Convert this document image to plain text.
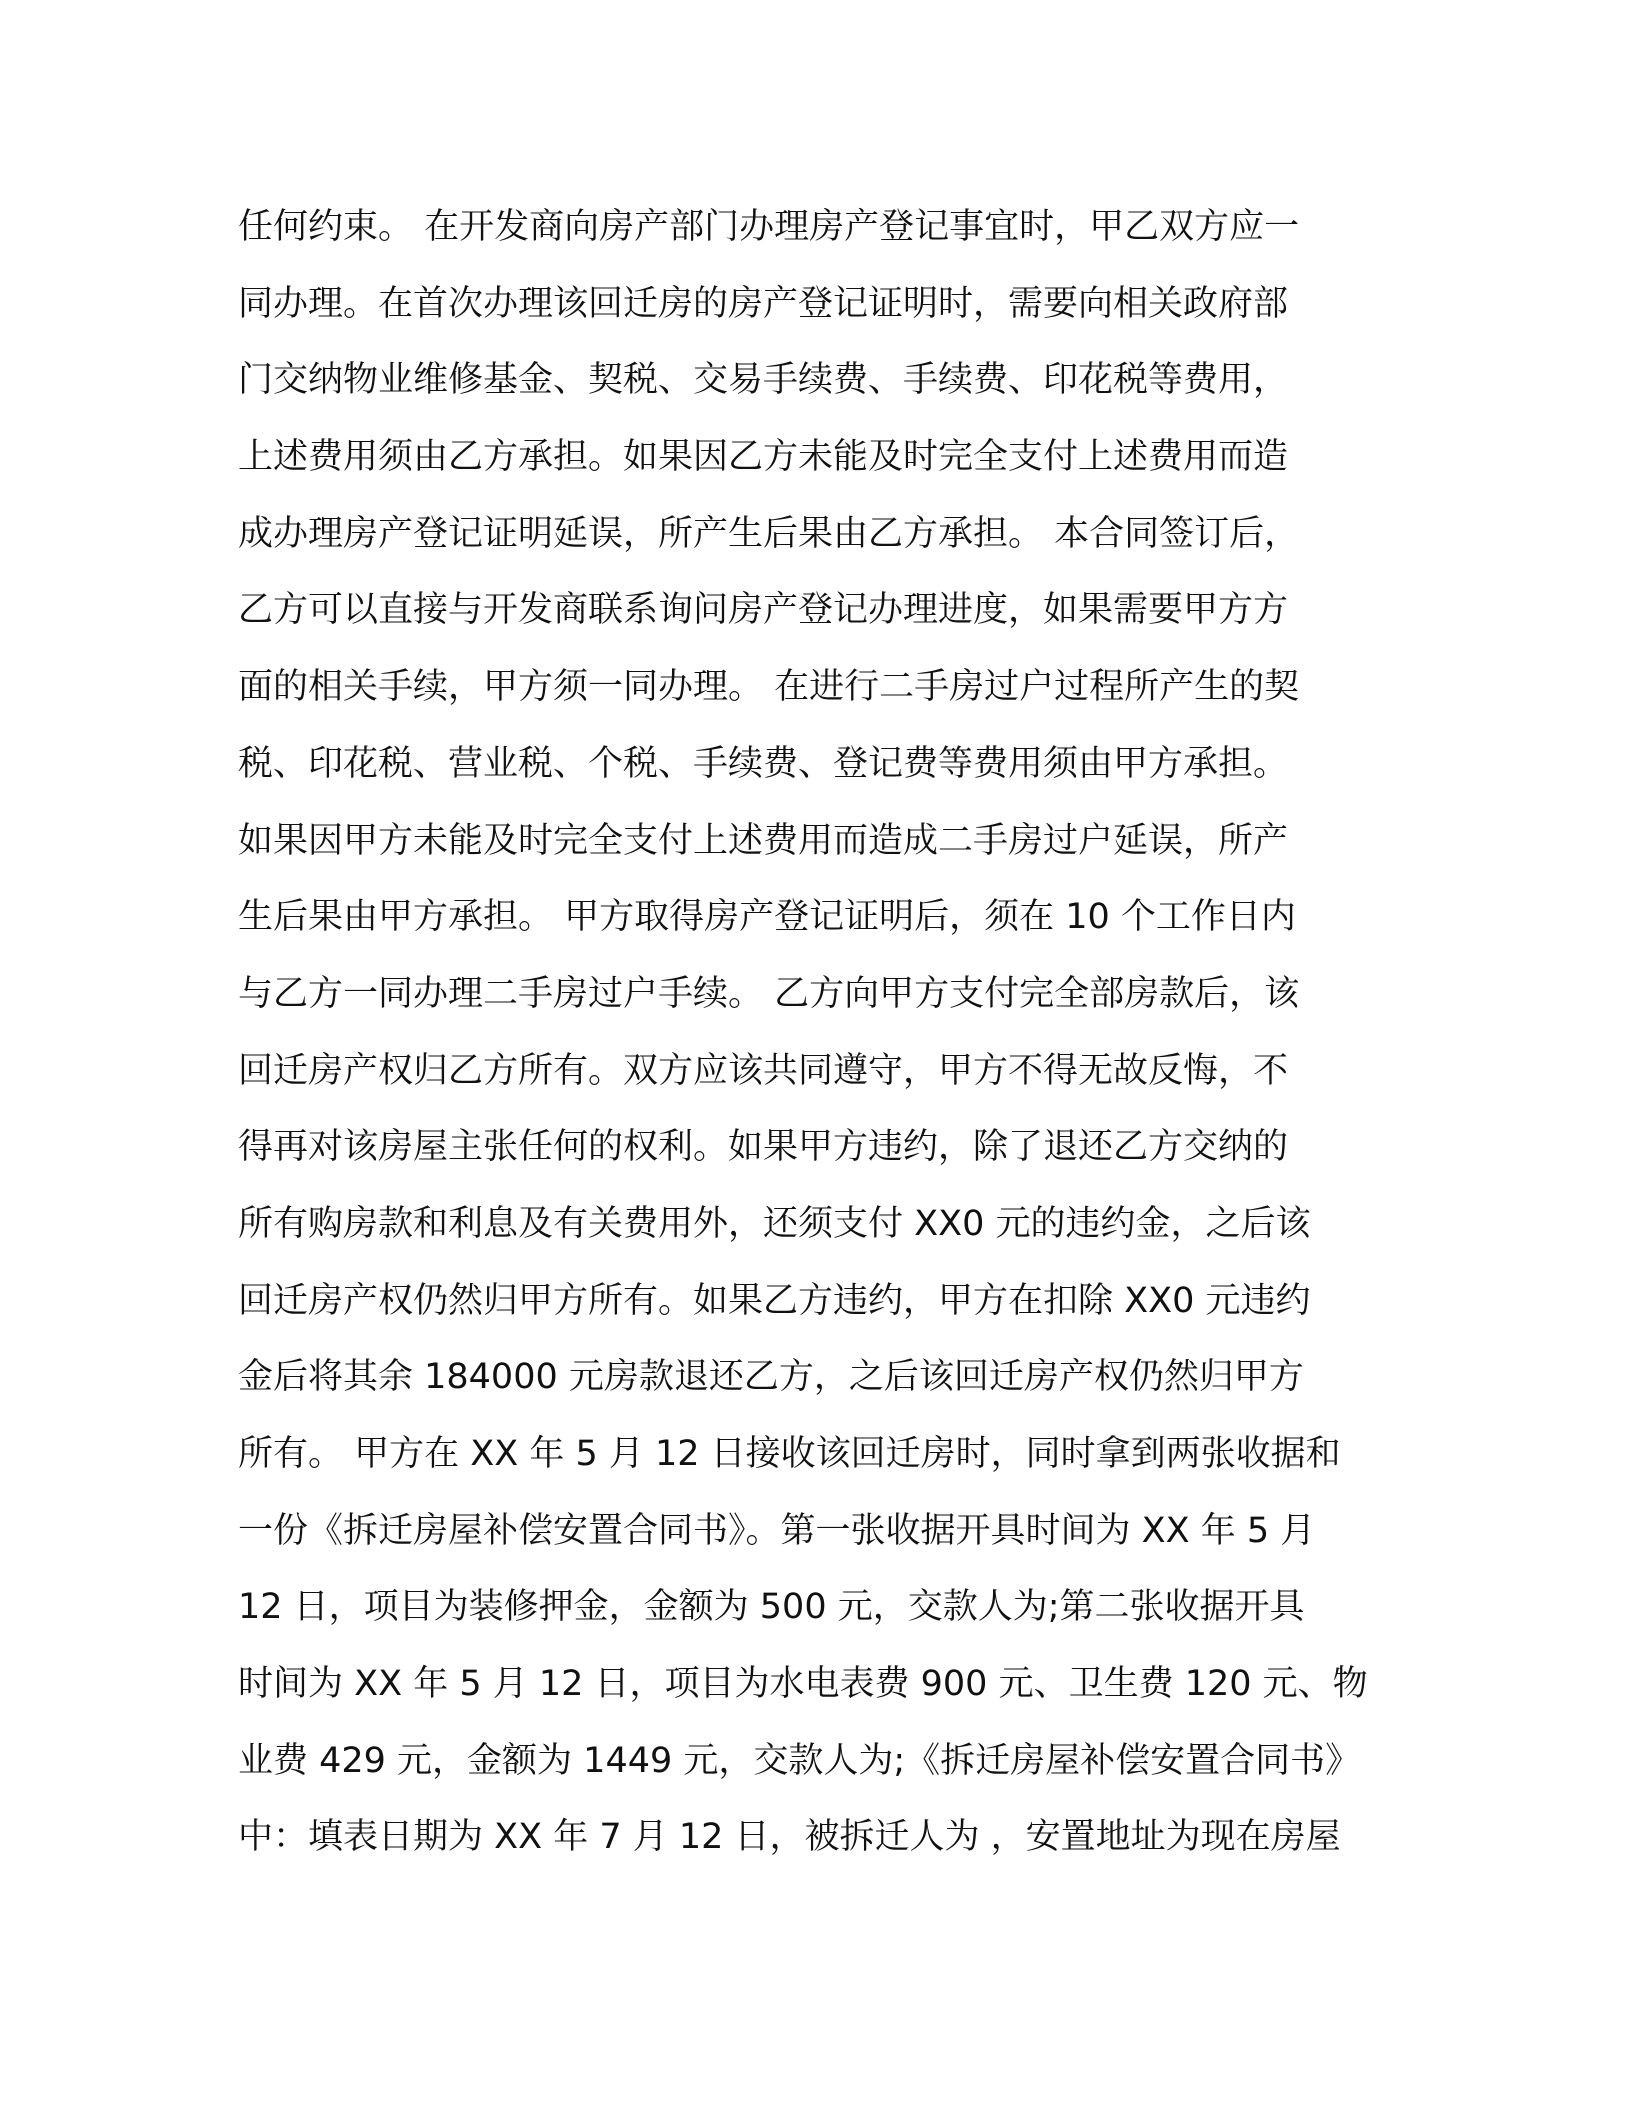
任何约束。 在开发商向房产部门办理房产登记事宜时，甲乙双方应一
同办理。在首次办理该回迁房的房产登记证明时，需要向相关政府部
门交纳物业维修基金、契税、交易手续费、手续费、印花税等费用，
上述费用须由乙方承担。如果因乙方未能及时完全支付上述费用而造
成办理房产登记证明延误，所产生后果由乙方承担。 本合同签订后，
乙方可以直接与开发商联系询问房产登记办理进度，如果需要甲方方
面的相关手续，甲方须一同办理。 在进行二手房过户过程所产生的契
税、印花税、营业税、个税、手续费、登记费等费用须由甲方承担。
如果因甲方未能及时完全支付上述费用而造成二手房过户延误，所产
生后果由甲方承担。 甲方取得房产登记证明后，须在 10 个工作日内
与乙方一同办理二手房过户手续。 乙方向甲方支付完全部房款后，该
回迁房产权归乙方所有。双方应该共同遵守，甲方不得无故反悔，不
得再对该房屋主张任何的权利。如果甲方违约，除了退还乙方交纳的
所有购房款和利息及有关费用外，还须支付 XX0 元的违约金，之后该
回迁房产权仍然归甲方所有。如果乙方违约，甲方在扣除 XX0 元违约
金后将其余 184000 元房款退还乙方，之后该回迁房产权仍然归甲方
所有。 甲方在 XX 年 5 月 12 日接收该回迁房时，同时拿到两张收据和
一份《拆迁房屋补偿安置合同书》。第一张收据开具时间为 XX 年 5 月
12 日，项目为装修押金，金额为 500 元，交款人为;第二张收据开具
时间为 XX 年 5 月 12 日，项目为水电表费 900 元、卫生费 120 元、物
业费 429 元，金额为 1449 元，交款人为;《拆迁房屋补偿安置合同书》
中：填表日期为 XX 年 7 月 12 日，被拆迁人为 ，安置地址为现在房屋
